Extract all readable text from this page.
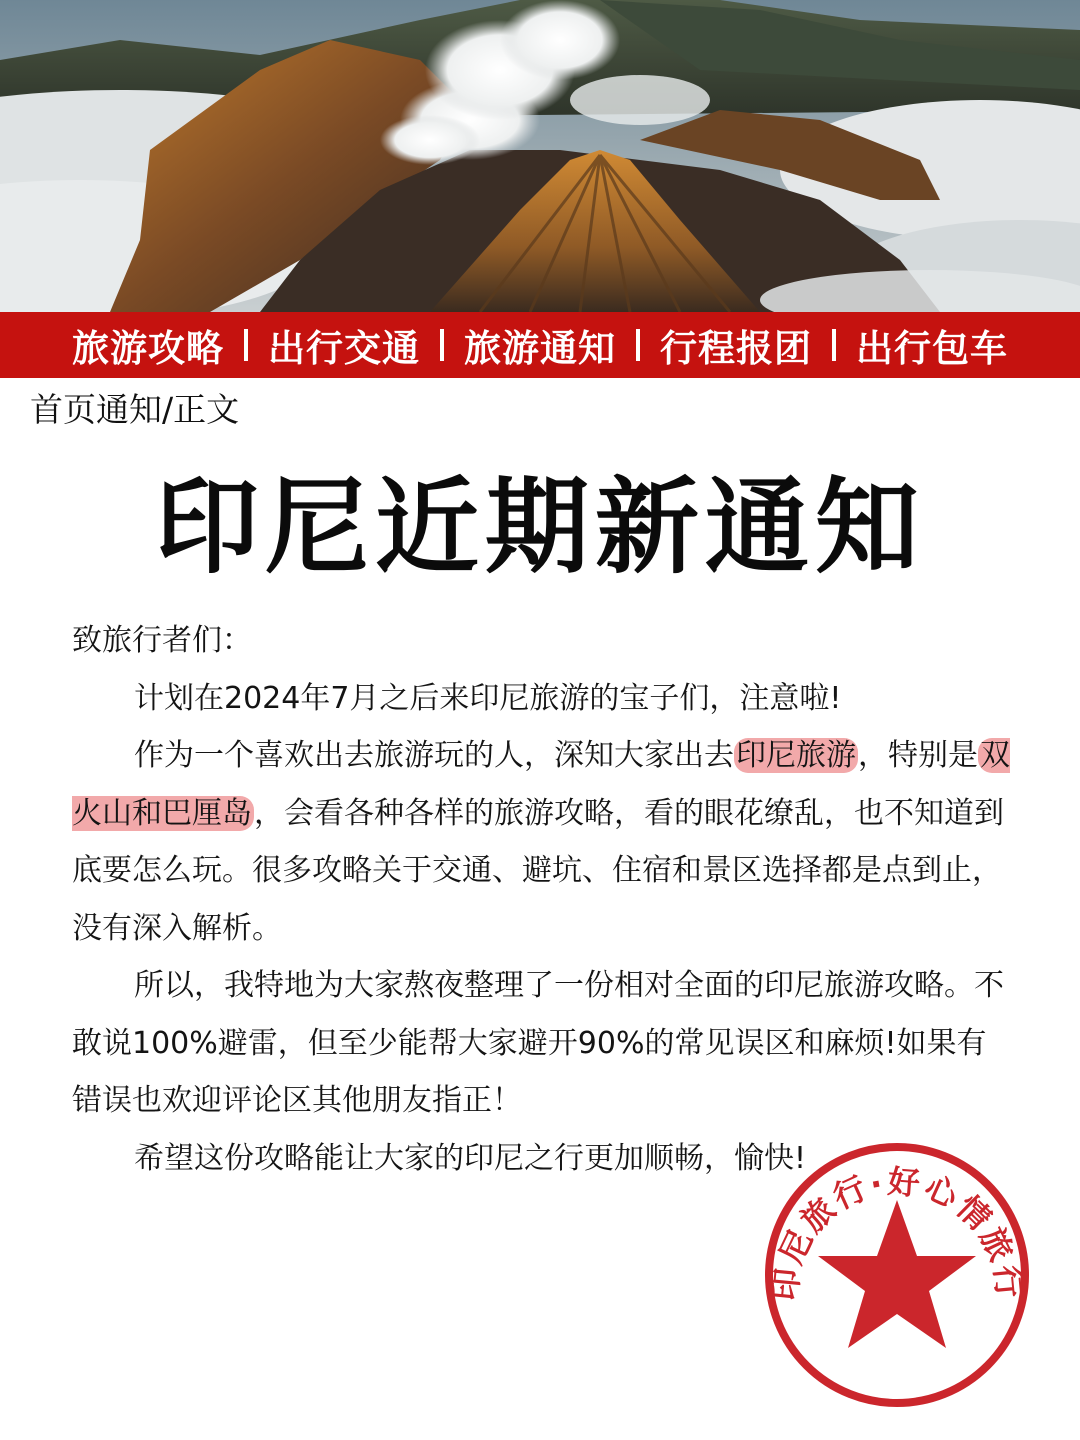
旅游攻略 出行交通 旅游通知 行程报团 出行包车
首页通知/正文
印尼近期新通知

致旅行者们：

计划在2024年7月之后来印尼旅游的宝子们，注意啦!

作为一个喜欢出去旅游玩的人，深知大家出去印尼旅游，特别是双火山和巴厘岛，会看各种各样的旅游攻略，看的眼花缭乱，也不知道到底要怎么玩。很多攻略关于交通、避坑、住宿和景区选择都是点到止，没有深入解析。

所以，我特地为大家熬夜整理了一份相对全面的印尼旅游攻略。不敢说100%避雷，但至少能帮大家避开90%的常见误区和麻烦!如果有错误也欢迎评论区其他朋友指正！

希望这份攻略能让大家的印尼之行更加顺畅，愉快!

印尼旅行·好心情旅行
